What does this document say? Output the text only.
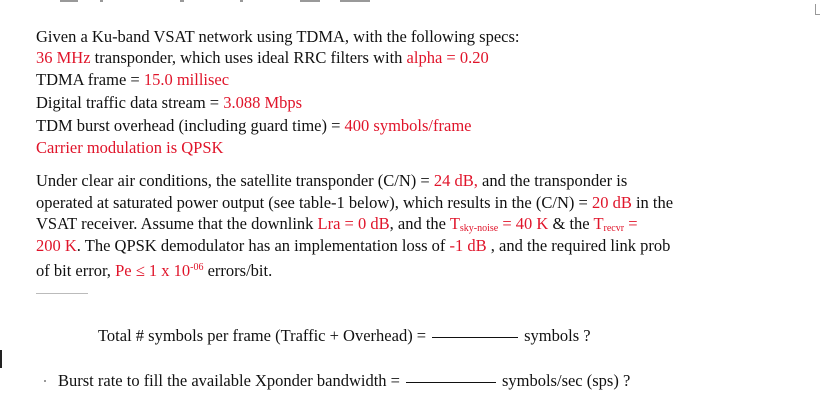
Given a Ku-band VSAT network using TDMA, with the following specs:
36 MHz transponder, which uses ideal RRC filters with alpha = 0.20
TDMA frame = 15.0 millisec
Digital traffic data stream = 3.088 Mbps
TDM burst overhead (including guard time) = 400 symbols/frame
Carrier modulation is QPSK
Under clear air conditions, the satellite transponder (C/N) = 24 dB, and the transponder is
operated at saturated power output (see table-1 below), which results in the (C/N) = 20 dB in the
VSAT receiver. Assume that the downlink Lra = 0 dB, and the $T_{sky-noise} = 40$ K & the $T_{recvr}$ =
200 K. The QPSK demodulator has an implementation loss of -1 dB , and the required link prob
of bit error, Pe ≤ 1 x $10^{-06}$ errors/bit.
Total # symbols per frame (Traffic + Overhead) =	symbols ?
Burst rate to fill the available Xponder bandwidth =	symbols/sec (sps) ?
